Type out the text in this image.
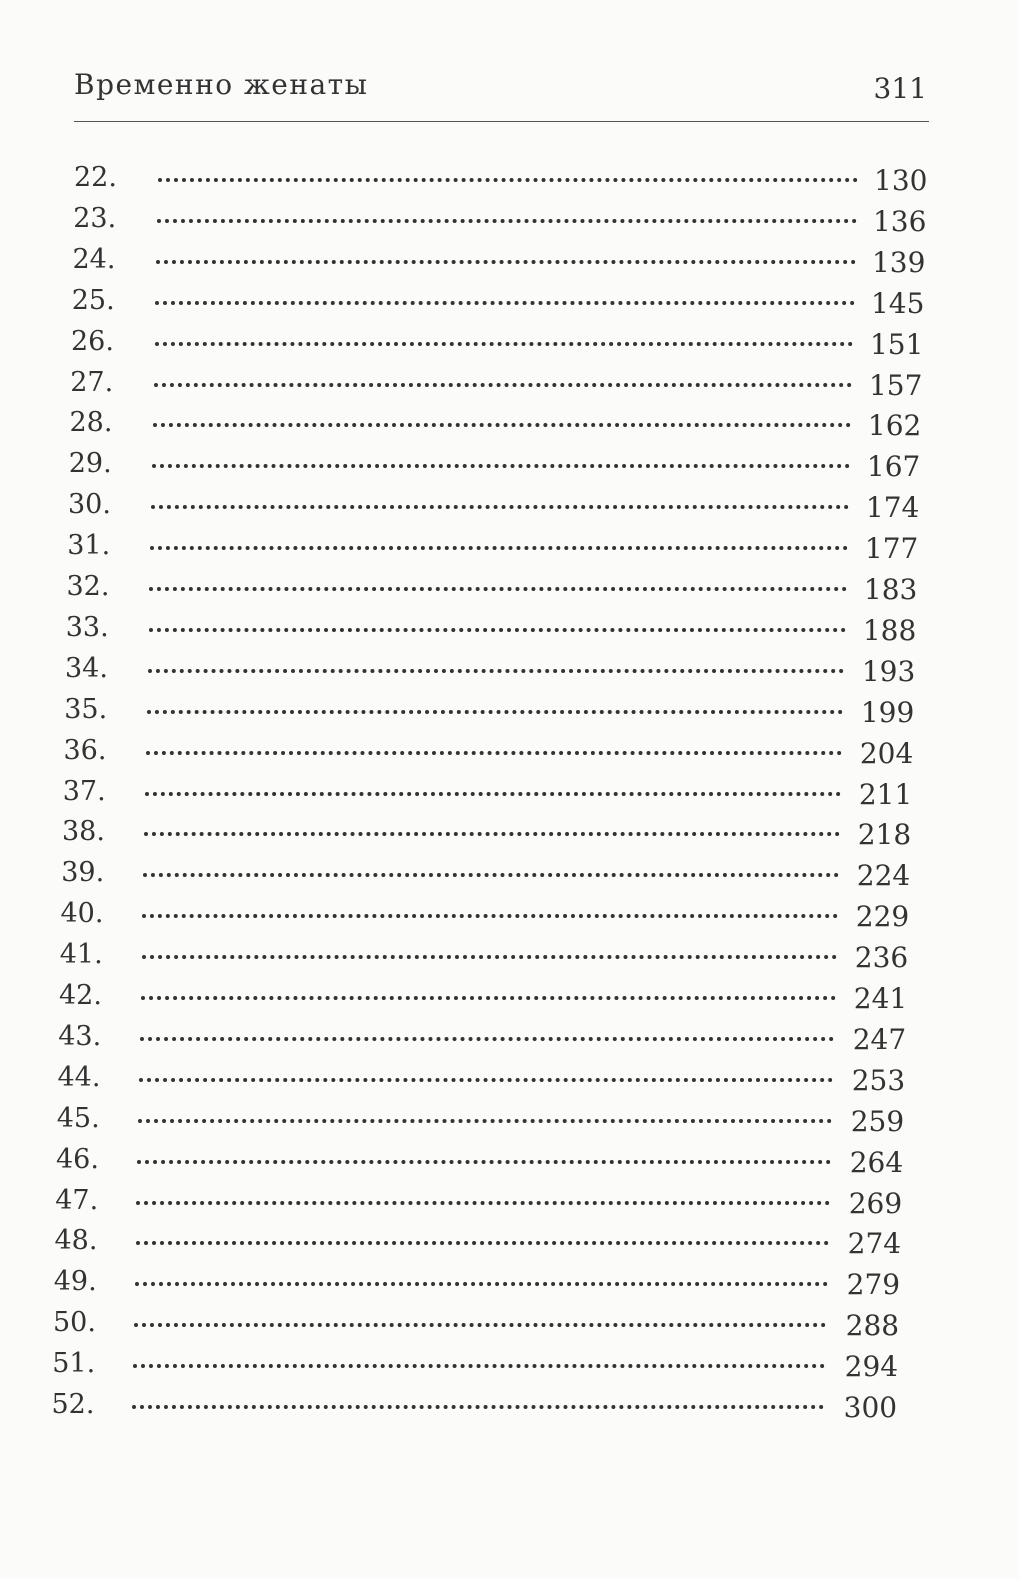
Временно женаты	311
22.	130
23.	136
24.	139
25.	145
26.	151
27.	157
28.	162
29.	167
30.	174
31.	177
32.	183
33.	188
34.	193
35.	199
36.	204
37.	211
38.	218
39.	224
40.	229
41.	236
42.	241
43.	247
44.	253
45.	259
46.	264
47.	269
48.	274
49.	279
50.	288
51.	294
52.	300
